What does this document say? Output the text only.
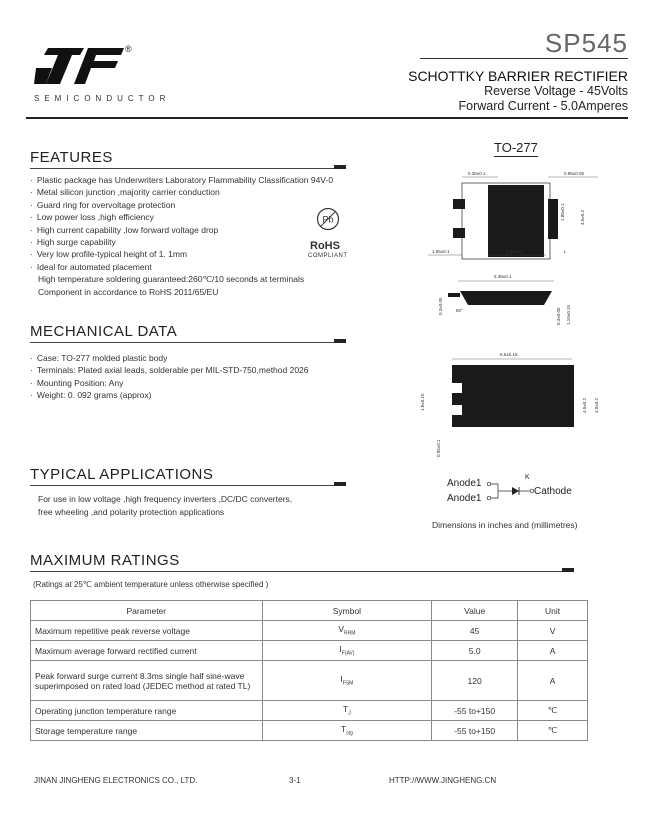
®
SEMICONDUCTOR
SP545
SCHOTTKY BARRIER RECTIFIER
Reverse Voltage - 45Volts
Forward Current - 5.0Amperes
FEATURES
· Plastic package has Underwriters Laboratory Flammability Classification 94V-0
· Metal silicon junction ,majority carrier conduction
· Guard ring for overvoltage protection
· Low power loss ,high efficiency
· High current capability ,low forward voltage drop
· High surge capability
· Very low profile-typical height of 1. 1mm
· Ideal for automated placement
High temperature soldering guaranteed:260℃/10 seconds at terminals
Component in accordance to RoHS 2011/65/EU
Pb
RoHS
COMPLIANT
MECHANICAL DATA
· Case: TO-277 molded plastic body
· Terminals: Plated axial leads, solderable per MIL-STD-750,method 2026
· Mounting Position: Any
· Weight: 0. 092 grams (approx)
TYPICAL APPLICATIONS
For use in low voltage ,high frequency inverters ,DC/DC converters,
free wheeling ,and polarity protection applications
TO-277
0.30±0.1	0.85±0.05
1.80±0.1	4.0±0.2
1.55±0.1	3.55±0.3	L
5.38±0.1
0.3±0.05	80°	0.3±0.05 1.10±0.15
6.5±0.15
1.8±0.15	4.0±0.2 4.0±0.2
0.95±0.1
Anode1
Anode1
K
Cathode
Dimensions in inches and (millimetres)
MAXIMUM RATINGS
(Ratings at 25℃ ambient temperature unless otherwise specified )
Parameter	Symbol	Value	Unit
Maximum repetitive peak reverse voltage	$V_{RRM}$	45	V
Maximum average forward rectified current	$I_{F(AV)}$	5.0	A
Peak forward surge current 8.3ms single half sine-wave superimposed on rated load (JEDEC method at rated TL)	$I_{FSM}$	120	A
Operating junction temperature range	$T_J$	-55 to+150	℃
Storage temperature range	$T_{stg}$	-55 to+150	℃
JINAN JINGHENG ELECTRONICS CO., LTD.	3-1	HTTP://WWW.JINGHENG.CN
